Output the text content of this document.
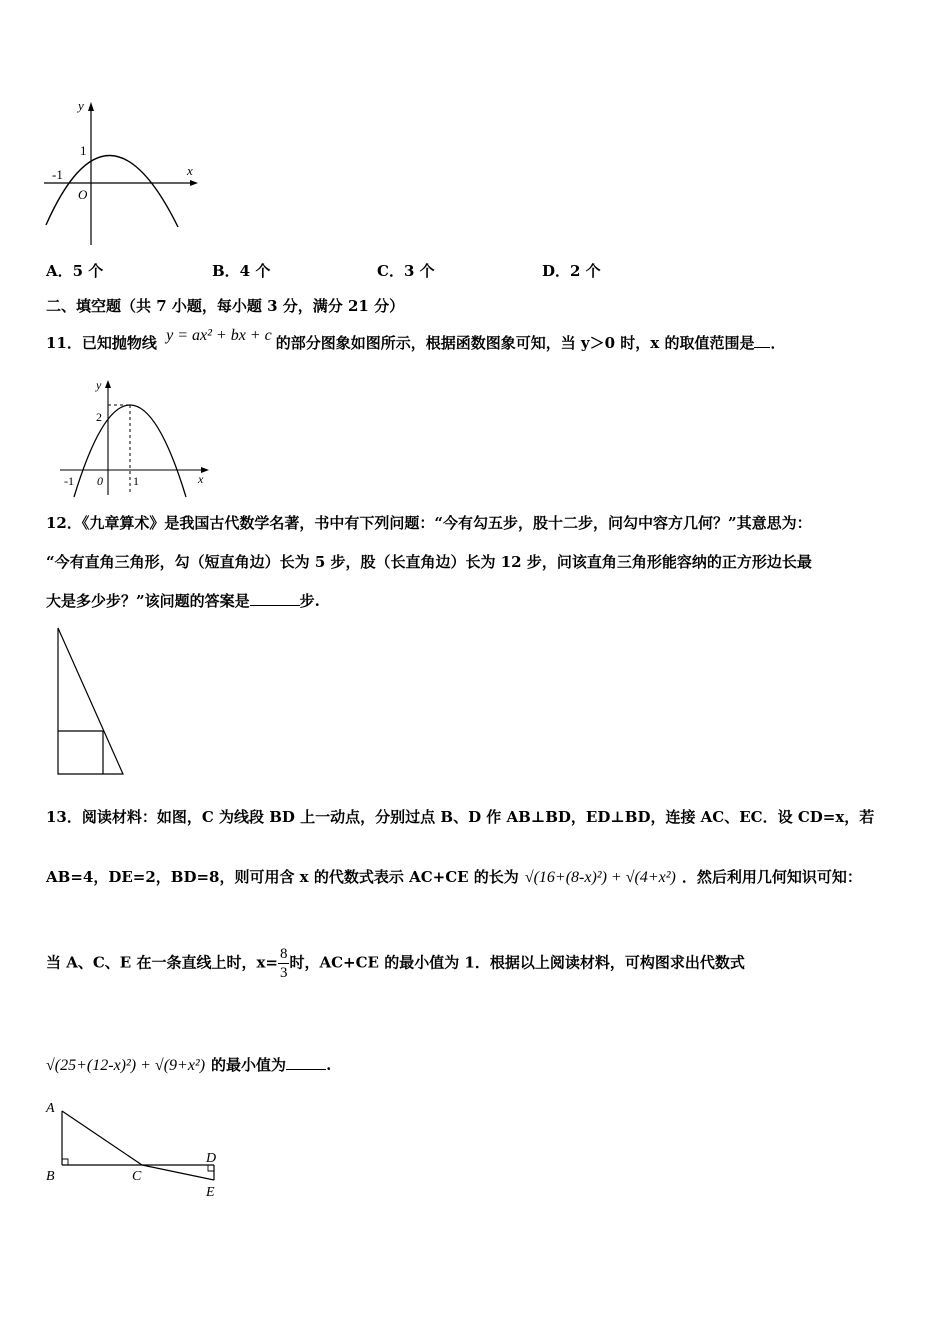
y
x
1
-1
O
A．5 个	B．4 个	C．3 个	D．2 个
二、填空题（共 7 小题，每小题 3 分，满分 21 分）
11．已知抛物线 y = ax² + bx + c 的部分图象如图所示，根据函数图象可知，当 y＞0 时，x 的取值范围是 ．
y
x
2
-1 0	1
12．《九章算术》是我国古代数学名著，书中有下列问题：“今有勾五步，股十二步，问勾中容方几何？”其意思为：
“今有直角三角形，勾（短直角边）长为 5 步，股（长直角边）长为 12 步，问该直角三角形能容纳的正方形边长最
大是多少步？”该问题的答案是	步.
13．阅读材料：如图，C 为线段 BD 上一动点，分别过点 B、D 作 AB⊥BD，ED⊥BD，连接 AC、EC．设 CD=x，若
AB=4，DE=2，BD=8，则可用含 x 的代数式表示 AC+CE 的长为 √(16+(8-x)²) + √(4+x²) ．然后利用几何知识可知：
当 A、C、E 在一条直线上时，$x= \frac{8}{3}$ 时，AC+CE 的最小值为 1．根据以上阅读材料，可构图求出代数式
√(25+(12-x)²) + √(9+x²) 的最小值为	.
A
B	C
D
E
